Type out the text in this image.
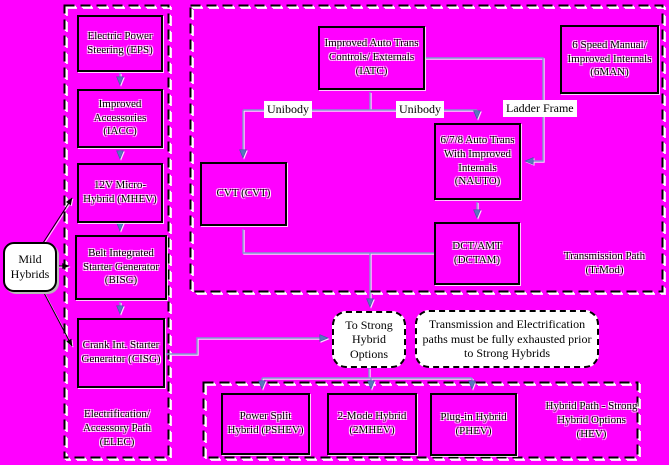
Electric Power Steering (EPS)
Improved Accessories (IACC)
12V Micro-Hybrid (MHEV)
Belt Integrated Starter Generator (BISG)
Crank Int. Starter Generator (CISG)
Improved Auto Trans Controls/ Externals (IATC)
6 Speed Manual/ Improved Internals (6MAN)
CVT (CVT)
6/7/8 Auto Trans With Improved Internals (NAUTO)
DCT/AMT (DCTAM)
Power Split Hybrid (PSHEV)
2-Mode Hybrid (2MHEV)
Plug-in Hybrid (PHEV)
Mild Hybrids
To Strong Hybrid Options
Transmission and Electrification paths must be fully exhausted prior to Strong Hybrids
Electrification/ Accessory Path (ELEC)
Transmission Path (TrMod)
Hybrid Path - Strong Hybrid Options (HEV)
Unibody	Unibody	Ladder Frame
